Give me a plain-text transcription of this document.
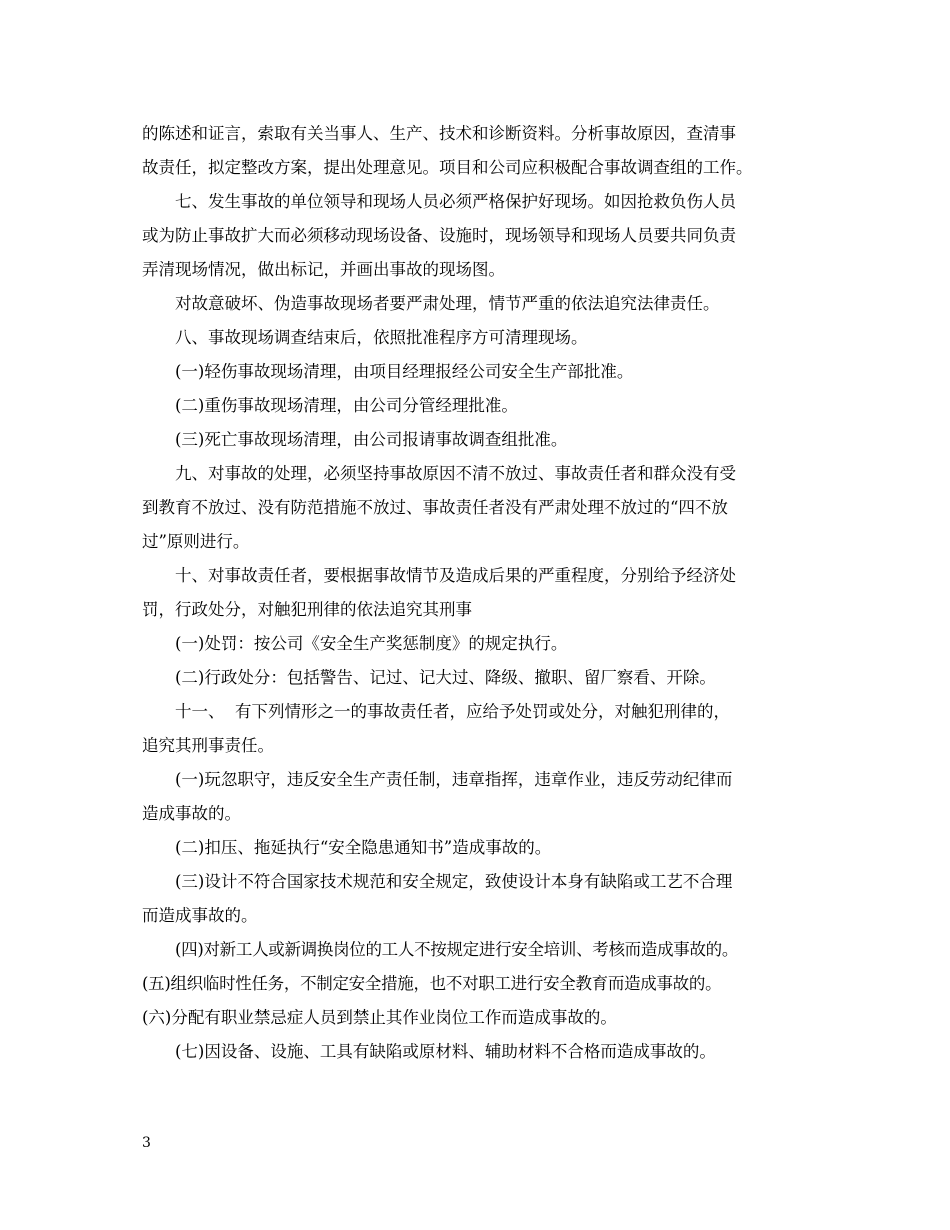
的陈述和证言，索取有关当事人、生产、技术和诊断资料。分析事故原因，查清事
故责任，拟定整改方案，提出处理意见。项目和公司应积极配合事故调查组的工作。
七、发生事故的单位领导和现场人员必须严格保护好现场。如因抢救负伤人员
或为防止事故扩大而必须移动现场设备、设施时，现场领导和现场人员要共同负责
弄清现场情况，做出标记，并画出事故的现场图。
对故意破坏、伪造事故现场者要严肃处理，情节严重的依法追究法律责任。
八、事故现场调查结束后，依照批准程序方可清理现场。
(一)轻伤事故现场清理，由项目经理报经公司安全生产部批准。
(二)重伤事故现场清理，由公司分管经理批准。
(三)死亡事故现场清理，由公司报请事故调查组批准。
九、对事故的处理，必须坚持事故原因不清不放过、事故责任者和群众没有受
到教育不放过、没有防范措施不放过、事故责任者没有严肃处理不放过的“四不放
过”原则进行。
十、对事故责任者，要根据事故情节及造成后果的严重程度，分别给予经济处
罚，行政处分，对触犯刑律的依法追究其刑事
(一)处罚：按公司《安全生产奖惩制度》的规定执行。
(二)行政处分：包括警告、记过、记大过、降级、撤职、留厂察看、开除。
十一、  有下列情形之一的事故责任者，应给予处罚或处分，对触犯刑律的，
追究其刑事责任。
(一)玩忽职守，违反安全生产责任制，违章指挥，违章作业，违反劳动纪律而
造成事故的。
(二)扣压、拖延执行“安全隐患通知书”造成事故的。
(三)设计不符合国家技术规范和安全规定，致使设计本身有缺陷或工艺不合理
而造成事故的。
(四)对新工人或新调换岗位的工人不按规定进行安全培训、考核而造成事故的。
(五)组织临时性任务，不制定安全措施，也不对职工进行安全教育而造成事故的。
(六)分配有职业禁忌症人员到禁止其作业岗位工作而造成事故的。
(七)因设备、设施、工具有缺陷或原材料、辅助材料不合格而造成事故的。
3
